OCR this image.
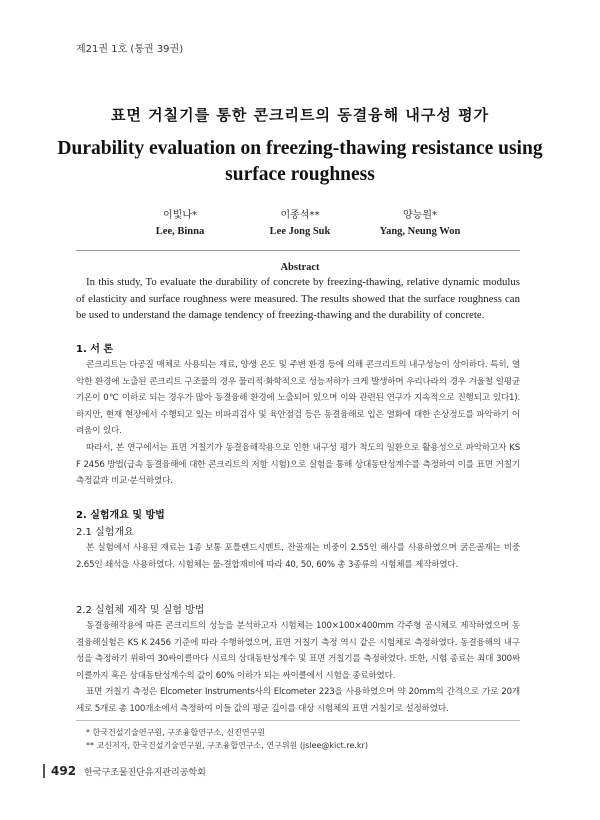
제21권 1호 (통권 39권)
표면 거칠기를 통한 콘크리트의 동결융해 내구성 평가
Durability evaluation on freezing-thawing resistance using surface roughness
이빛나*
Lee, Binna
이종석**
Lee Jong Suk
양능원*
Yang, Neung Won
Abstract
In this study, To evaluate the durability of concrete by freezing-thawing, relative dynamic modulus of elasticity and surface roughness were measured. The results showed that the surface roughness can be used to understand the damage tendency of freezing-thawing and the durability of concrete.
1. 서 론
콘크리트는 다공질 매체로 사용되는 재료, 양생 온도 및 주변 환경 등에 의해 콘크리트의 내구성능이 상이하다. 특히, 열악한 환경에 노출된 콘크리트 구조물의 경우 물리적·화학적으로 성능저하가 크게 발생하며 우리나라의 경우 겨울철 일평균기온이 0℃ 이하로 되는 경우가 많아 동결융해 환경에 노출되어 있으며 이와 관련된 연구가 지속적으로 진행되고 있다1). 하지만, 현재 현장에서 수행되고 있는 비파괴검사 및 육안점검 등은 동결융해로 입은 열화에 대한 손상정도를 파악하기 어려움이 있다.
따라서, 본 연구에서는 표면 거칠기가 동결융해작용으로 인한 내구성 평가 척도의 일환으로 활용성으로 파악하고자 KS F 2456 방법(급속 동결융해에 대한 콘크리트의 저항 시험)으로 실험을 통해 상대동탄성계수를 측정하여 이를 표면 거칠기 측정값과 비교·분석하였다.
2. 실험개요 및 방법
2.1 실험개요
본 실험에서 사용된 재료는 1종 보통 포틀랜드시멘트, 잔골재는 비중이 2.55인 해사를 사용하였으며 굵은골재는 비중 2.65인 쇄석을 사용하였다. 시험체는 물-결합재비에 따라 40, 50, 60% 총 3종류의 시험체를 제작하였다.
2.2 실험체 제작 및 실험 방법
동결융해작용에 따른 콘크리트의 성능을 분석하고자 시험체는 100×100×400mm 각주형 공시체로 제작하였으며 동결융해실험은 KS K 2456 기준에 따라 수행하였으며, 표면 거칠기 측정 역시 같은 시험체로 측정하였다. 동결융해의 내구성을 측정하기 위하여 30싸이클마다 시료의 상대동탄성계수 및 표면 거칠기를 측정하였다. 또한, 시험 종료는 최대 300싸이클까지 혹은 상대동탄성계수의 값이 60% 이하가 되는 싸이클에서 시험을 종료하였다.
표면 거칠기 측정은 Elcometer Instruments사의 Elcometer 223을 사용하였으며 약 20mm의 간격으로 가로 20개 세로 5개로 총 100개소에서 측정하여 이들 값의 평균 깊이를 대상 시험체의 표면 거칠기로 설정하였다.
* 한국건설기술연구원, 구조융합연구소, 신진연구원
** 교신저자, 한국건설기술연구원, 구조융합연구소, 연구위원 (jslee@kict.re.kr)
492 한국구조물진단유지관리공학회
